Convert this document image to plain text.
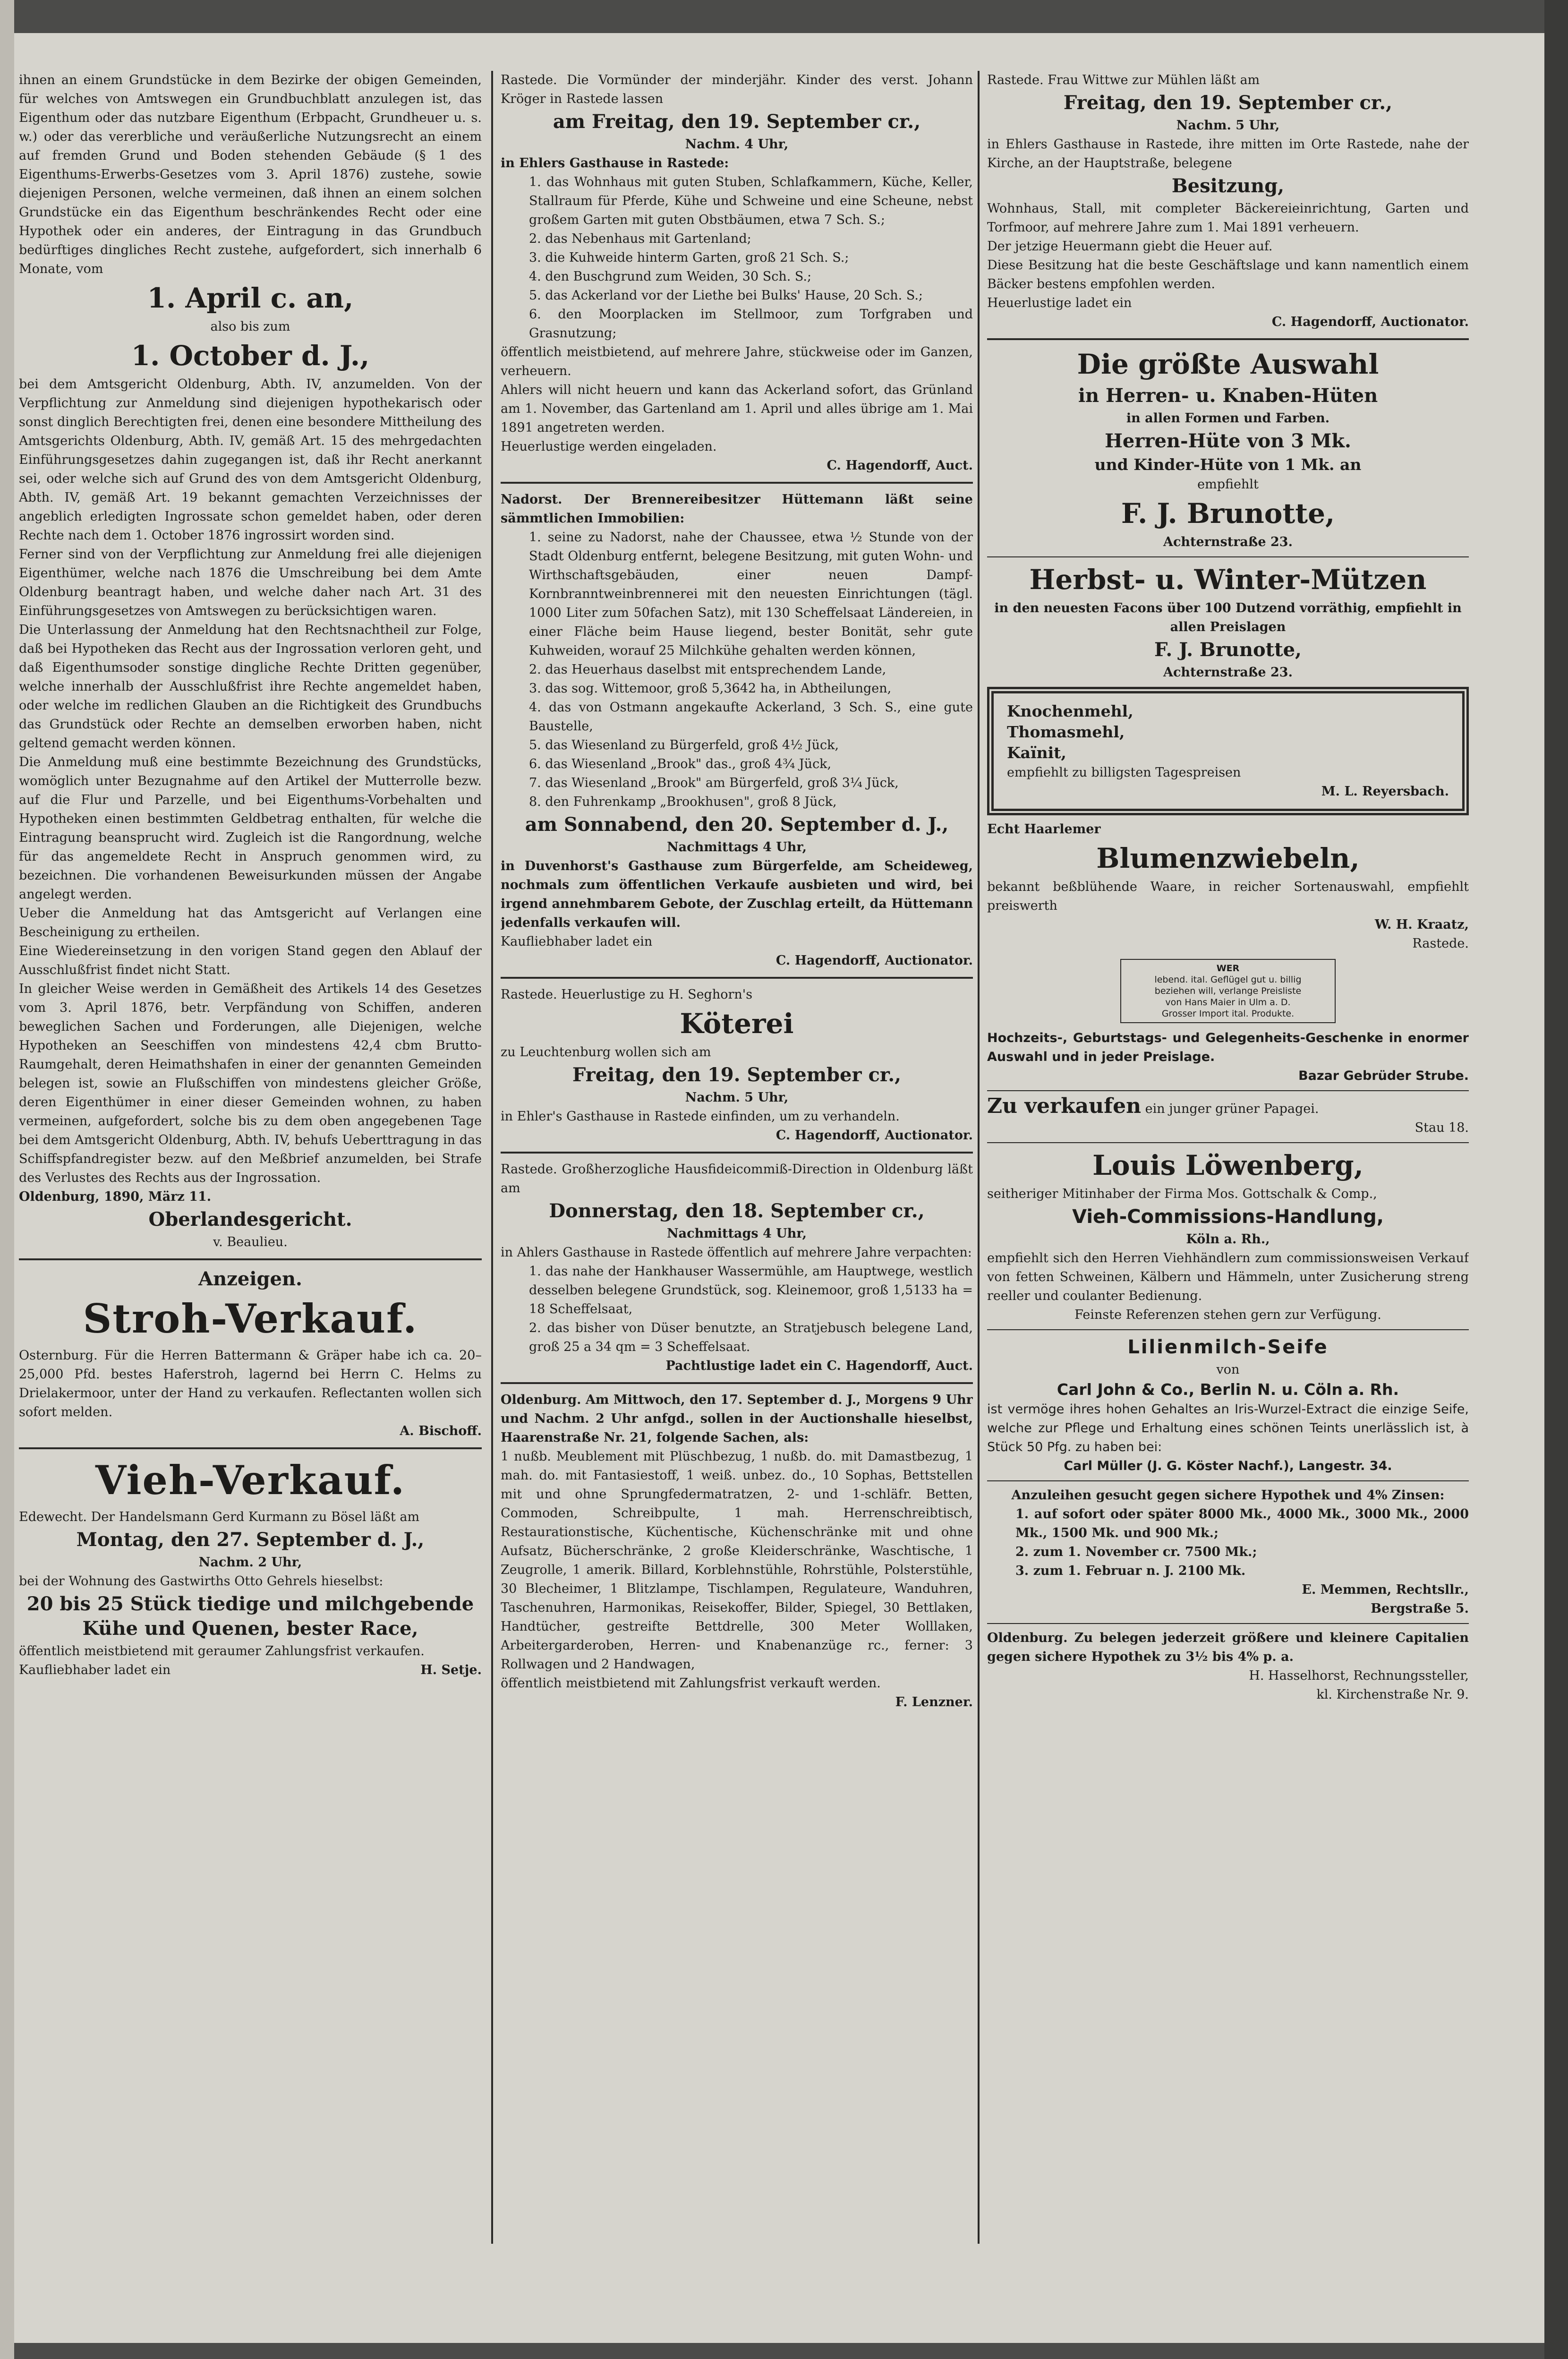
ihnen an einem Grundstücke in dem Bezirke der obigen Gemeinden, für welches von Amtswegen ein Grundbuchblatt anzulegen ist, das Eigenthum oder das nutzbare Eigenthum (Erbpacht, Grundheuer u. s. w.) oder das vererbliche und veräußerliche Nutzungsrecht an einem auf fremden Grund und Boden stehenden Gebäude (§ 1 des Eigenthums-Erwerbs-Gesetzes vom 3. April 1876) zustehe, sowie diejenigen Personen, welche vermeinen, daß ihnen an einem solchen Grundstücke ein das Eigenthum beschränkendes Recht oder eine Hypothek oder ein anderes, der Eintragung in das Grundbuch bedürftiges dingliches Recht zustehe, aufgefordert, sich innerhalb 6 Monate, vom

1. April c. an,

also bis zum

1. October d. J.,

bei dem Amtsgericht Oldenburg, Abth. IV, anzumelden. Von der Verpflichtung zur Anmeldung sind diejenigen hypothekarisch oder sonst dinglich Berechtigten frei, denen eine besondere Mittheilung des Amtsgerichts Oldenburg, Abth. IV, gemäß Art. 15 des mehrgedachten Einführungsgesetzes dahin zugegangen ist, daß ihr Recht anerkannt sei, oder welche sich auf Grund des von dem Amtsgericht Oldenburg, Abth. IV, gemäß Art. 19 bekannt gemachten Verzeichnisses der angeblich erledigten Ingrossate schon gemeldet haben, oder deren Rechte nach dem 1. October 1876 ingrossirt worden sind.

Ferner sind von der Verpflichtung zur Anmeldung frei alle diejenigen Eigenthümer, welche nach 1876 die Umschreibung bei dem Amte Oldenburg beantragt haben, und welche daher nach Art. 31 des Einführungsgesetzes von Amtswegen zu berücksichtigen waren.

Die Unterlassung der Anmeldung hat den Rechtsnachtheil zur Folge, daß bei Hypotheken das Recht aus der Ingrossation verloren geht, und daß Eigenthumsoder sonstige dingliche Rechte Dritten gegenüber, welche innerhalb der Ausschlußfrist ihre Rechte angemeldet haben, oder welche im redlichen Glauben an die Richtigkeit des Grundbuchs das Grundstück oder Rechte an demselben erworben haben, nicht geltend gemacht werden können.

Die Anmeldung muß eine bestimmte Bezeichnung des Grundstücks, womöglich unter Bezugnahme auf den Artikel der Mutterrolle bezw. auf die Flur und Parzelle, und bei Eigenthums-Vorbehalten und Hypotheken einen bestimmten Geldbetrag enthalten, für welche die Eintragung beansprucht wird. Zugleich ist die Rangordnung, welche für das angemeldete Recht in Anspruch genommen wird, zu bezeichnen. Die vorhandenen Beweisurkunden müssen der Angabe angelegt werden.

Ueber die Anmeldung hat das Amtsgericht auf Verlangen eine Bescheinigung zu ertheilen.

Eine Wiedereinsetzung in den vorigen Stand gegen den Ablauf der Ausschlußfrist findet nicht Statt.

In gleicher Weise werden in Gemäßheit des Artikels 14 des Gesetzes vom 3. April 1876, betr. Verpfändung von Schiffen, anderen beweglichen Sachen und Forderungen, alle Diejenigen, welche Hypotheken an Seeschiffen von mindestens 42,4 cbm Brutto-Raumgehalt, deren Heimathshafen in einer der genannten Gemeinden belegen ist, sowie an Flußschiffen von mindestens gleicher Größe, deren Eigenthümer in einer dieser Gemeinden wohnen, zu haben vermeinen, aufgefordert, solche bis zu dem oben angegebenen Tage bei dem Amtsgericht Oldenburg, Abth. IV, behufs Ueberttragung in das Schiffspfandregister bezw. auf den Meßbrief anzumelden, bei Strafe des Verlustes des Rechts aus der Ingrossation.

Oldenburg, 1890, März 11.

Oberlandesgericht.

v. Beaulieu.

Anzeigen.
Stroh-Verkauf.

Osternburg. Für die Herren Battermann & Gräper habe ich ca. 20–25,000 Pfd. bestes Haferstroh, lagernd bei Herrn C. Helms zu Drielakermoor, unter der Hand zu verkaufen. Reflectanten wollen sich sofort melden.

A. Bischoff.

Vieh-Verkauf.

Edewecht. Der Handelsmann Gerd Kurmann zu Bösel läßt am

Montag, den 27. September d. J.,

Nachm. 2 Uhr,

bei der Wohnung des Gastwirths Otto Gehrels hieselbst:

20 bis 25 Stück tiedige und milchgebende Kühe und Quenen, bester Race,

öffentlich meistbietend mit geraumer Zahlungsfrist verkaufen.

Kaufliebhaber ladet ein	H. Setje.

Rastede. Die Vormünder der minderjähr. Kinder des verst. Johann Kröger in Rastede lassen

am Freitag, den 19. September cr.,

Nachm. 4 Uhr,

in Ehlers Gasthause in Rastede:

1. das Wohnhaus mit guten Stuben, Schlafkammern, Küche, Keller, Stallraum für Pferde, Kühe und Schweine und eine Scheune, nebst großem Garten mit guten Obstbäumen, etwa 7 Sch. S.;

2. das Nebenhaus mit Gartenland;

3. die Kuhweide hinterm Garten, groß 21 Sch. S.;

4. den Buschgrund zum Weiden, 30 Sch. S.;

5. das Ackerland vor der Liethe bei Bulks' Hause, 20 Sch. S.;

6. den Moorplacken im Stellmoor, zum Torfgraben und Grasnutzung;

öffentlich meistbietend, auf mehrere Jahre, stückweise oder im Ganzen, verheuern.

Ahlers will nicht heuern und kann das Ackerland sofort, das Grünland am 1. November, das Gartenland am 1. April und alles übrige am 1. Mai 1891 angetreten werden.

Heuerlustige werden eingeladen.

C. Hagendorff, Auct.

Nadorst. Der Brennereibesitzer Hüttemann läßt seine sämmtlichen Immobilien:

1. seine zu Nadorst, nahe der Chaussee, etwa ½ Stunde von der Stadt Oldenburg entfernt, belegene Besitzung, mit guten Wohn- und Wirthschaftsgebäuden, einer neuen Dampf-Kornbranntweinbrennerei mit den neuesten Einrichtungen (tägl. 1000 Liter zum 50fachen Satz), mit 130 Scheffelsaat Ländereien, in einer Fläche beim Hause liegend, bester Bonität, sehr gute Kuhweiden, worauf 25 Milchkühe gehalten werden können,

2. das Heuerhaus daselbst mit entsprechendem Lande,

3. das sog. Wittemoor, groß 5,3642 ha, in Abtheilungen,

4. das von Ostmann angekaufte Ackerland, 3 Sch. S., eine gute Baustelle,

5. das Wiesenland zu Bürgerfeld, groß 4½ Jück,

6. das Wiesenland „Brook" das., groß 4¾ Jück,

7. das Wiesenland „Brook" am Bürgerfeld, groß 3¼ Jück,

8. den Fuhrenkamp „Brookhusen", groß 8 Jück,

am Sonnabend, den 20. September d. J.,

Nachmittags 4 Uhr,

in Duvenhorst's Gasthause zum Bürgerfelde, am Scheideweg, nochmals zum öffentlichen Verkaufe ausbieten und wird, bei irgend annehmbarem Gebote, der Zuschlag erteilt, da Hüttemann jedenfalls verkaufen will.

Kaufliebhaber ladet ein

C. Hagendorff, Auctionator.

Rastede. Heuerlustige zu H. Seghorn's

Köterei

zu Leuchtenburg wollen sich am

Freitag, den 19. September cr.,

Nachm. 5 Uhr,

in Ehler's Gasthause in Rastede einfinden, um zu verhandeln.

C. Hagendorff, Auctionator.

Rastede. Großherzogliche Hausfideicommiß-Direction in Oldenburg läßt am

Donnerstag, den 18. September cr.,

Nachmittags 4 Uhr,

in Ahlers Gasthause in Rastede öffentlich auf mehrere Jahre verpachten:

1. das nahe der Hankhauser Wassermühle, am Hauptwege, westlich desselben belegene Grundstück, sog. Kleinemoor, groß 1,5133 ha = 18 Scheffelsaat,

2. das bisher von Düser benutzte, an Stratjebusch belegene Land, groß 25 a 34 qm = 3 Scheffelsaat.

Pachtlustige ladet ein C. Hagendorff, Auct.

Oldenburg. Am Mittwoch, den 17. September d. J., Morgens 9 Uhr und Nachm. 2 Uhr anfgd., sollen in der Auctionshalle hieselbst, Haarenstraße Nr. 21, folgende Sachen, als:

1 nußb. Meublement mit Plüschbezug, 1 nußb. do. mit Damastbezug, 1 mah. do. mit Fantasiestoff, 1 weiß. unbez. do., 10 Sophas, Bettstellen mit und ohne Sprungfedermatratzen, 2- und 1-schläfr. Betten, Commoden, Schreibpulte, 1 mah. Herrenschreibtisch, Restaurationstische, Küchentische, Küchenschränke mit und ohne Aufsatz, Bücherschränke, 2 große Kleiderschränke, Waschtische, 1 Zeugrolle, 1 amerik. Billard, Korblehnstühle, Rohrstühle, Polsterstühle, 30 Blecheimer, 1 Blitzlampe, Tischlampen, Regulateure, Wanduhren, Taschenuhren, Harmonikas, Reisekoffer, Bilder, Spiegel, 30 Bettlaken, Handtücher, gestreifte Bettdrelle, 300 Meter Wolllaken, Arbeitergarderoben, Herren- und Knabenanzüge rc., ferner: 3 Rollwagen und 2 Handwagen,

öffentlich meistbietend mit Zahlungsfrist verkauft werden.

F. Lenzner.

Rastede. Frau Wittwe zur Mühlen läßt am

Freitag, den 19. September cr.,

Nachm. 5 Uhr,

in Ehlers Gasthause in Rastede, ihre mitten im Orte Rastede, nahe der Kirche, an der Hauptstraße, belegene

Besitzung,

Wohnhaus, Stall, mit completer Bäckereieinrichtung, Garten und Torfmoor, auf mehrere Jahre zum 1. Mai 1891 verheuern.

Der jetzige Heuermann giebt die Heuer auf.

Diese Besitzung hat die beste Geschäftslage und kann namentlich einem Bäcker bestens empfohlen werden.

Heuerlustige ladet ein

C. Hagendorff, Auctionator.

Die größte Auswahl
in Herren- u. Knaben-Hüten

in allen Formen und Farben.

Herren-Hüte von 3 Mk.
und Kinder-Hüte von 1 Mk. an

empfiehlt

F. J. Brunotte,

Achternstraße 23.

Herbst- u. Winter-Mützen

in den neuesten Facons über 100 Dutzend vorräthig, empfiehlt in allen Preislagen

F. J. Brunotte,

Achternstraße 23.

Knochenmehl,
Thomasmehl,
Kaïnit,

empfiehlt zu billigsten Tagespreisen

M. L. Reyersbach.

Echt Haarlemer

Blumenzwiebeln,

bekannt beßblühende Waare, in reicher Sortenauswahl, empfiehlt preiswerth

W. H. Kraatz,

Rastede.

WER
lebend. ital. Geflügel gut u. billig
beziehen will, verlange Preisliste
von Hans Maier in Ulm a. D.
Grosser Import ital. Produkte.

Hochzeits-, Geburtstags- und Gelegenheits-Geschenke in enormer Auswahl und in jeder Preislage.

Bazar Gebrüder Strube.

Zu verkaufen ein junger grüner Papagei.

Stau 18.

Louis Löwenberg,

seitheriger Mitinhaber der Firma Mos. Gottschalk & Comp.,

Vieh-Commissions-Handlung,

Köln a. Rh.,

empfiehlt sich den Herren Viehhändlern zum commissionsweisen Verkauf von fetten Schweinen, Kälbern und Hämmeln, unter Zusicherung streng reeller und coulanter Bedienung.

Feinste Referenzen stehen gern zur Verfügung.

Lilienmilch-Seife

von

Carl John & Co., Berlin N. u. Cöln a. Rh.

ist vermöge ihres hohen Gehaltes an Iris-Wurzel-Extract die einzige Seife, welche zur Pflege und Erhaltung eines schönen Teints unerlässlich ist, à Stück 50 Pfg. zu haben bei:

Carl Müller (J. G. Köster Nachf.), Langestr. 34.

Anzuleihen gesucht gegen sichere Hypothek und 4% Zinsen:

1. auf sofort oder später 8000 Mk., 4000 Mk., 3000 Mk., 2000 Mk., 1500 Mk. und 900 Mk.;

2. zum 1. November cr. 7500 Mk.;

3. zum 1. Februar n. J. 2100 Mk.

E. Memmen, Rechtsllr.,

Bergstraße 5.

Oldenburg. Zu belegen jederzeit größere und kleinere Capitalien gegen sichere Hypothek zu 3½ bis 4% p. a.

H. Hasselhorst, Rechnungssteller,

kl. Kirchenstraße Nr. 9.
